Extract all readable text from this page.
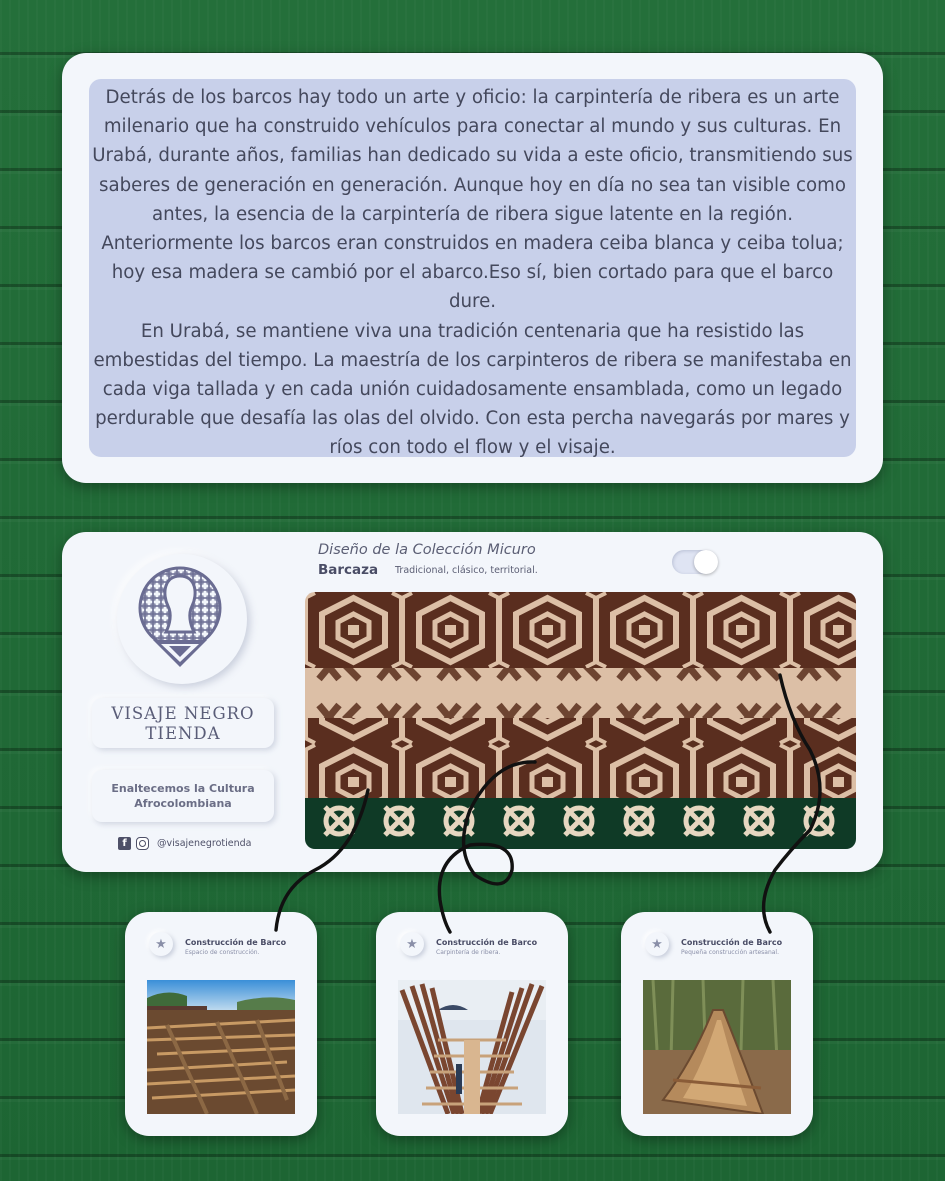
Detrás de los barcos hay todo un arte y oficio: la carpintería de ribera es un arte milenario que ha construido vehículos para conectar al mundo y sus culturas. En Urabá, durante años, familias han dedicado su vida a este oficio, transmitiendo sus saberes de generación en generación. Aunque hoy en día no sea tan visible como antes, la esencia de la carpintería de ribera sigue latente en la región. Anteriormente los barcos eran construidos en madera ceiba blanca y ceiba tolua; hoy esa madera se cambió por el abarco.Eso sí, bien cortado para que el barco dure.

En Urabá, se mantiene viva una tradición centenaria que ha resistido las embestidas del tiempo. La maestría de los carpinteros de ribera se manifestaba en cada viga tallada y en cada unión cuidadosamente ensamblada, como un legado perdurable que desafía las olas del olvido. Con esta percha navegarás por mares y ríos con todo el flow y el visaje.

VISAJE NEGRO TIENDA
Enaltecemos la Cultura Afrocolombiana
f	@visajenegrotienda
Diseño de la Colección Micuro
Barcaza Tradicional, clásico, territorial.
★	Construcción de Barco
Espacio de construcción.
★	Construcción de Barco
Carpintería de ribera.
★	Construcción de Barco
Pequeña construcción artesanal.
